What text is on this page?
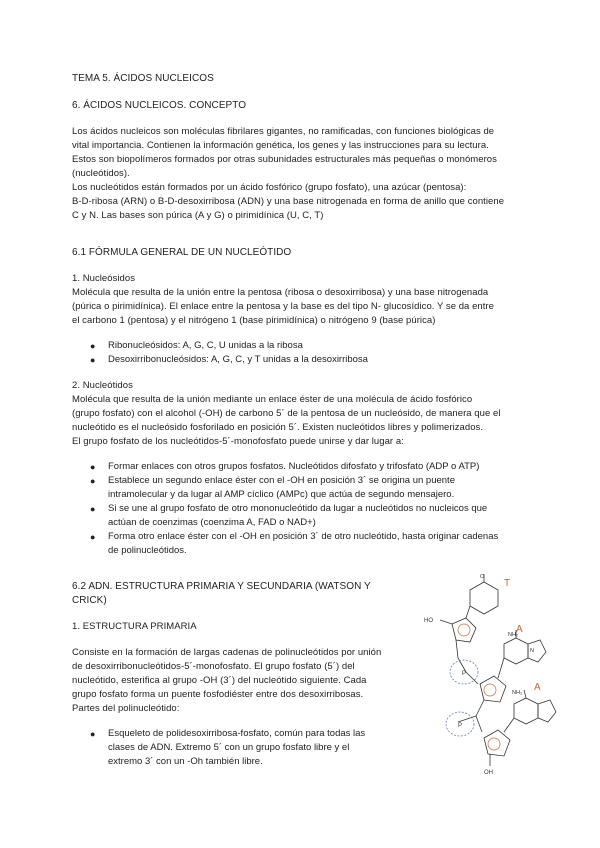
TEMA 5. ÁCIDOS NUCLEICOS
6. ÁCIDOS NUCLEICOS. CONCEPTO
Los ácidos nucleicos son moléculas fibrilares gigantes, no ramificadas, con funciones biológicas de
vital importancia. Contienen la información genética, los genes y las instrucciones para su lectura.
Estos son biopolímeros formados por otras subunidades estructurales más pequeñas o monómeros
(nucleótidos).
Los nucleótidos están formados por un ácido fosfórico (grupo fosfato), una azúcar (pentosa):
B-D-ribosa (ARN) o B-D-desoxirribosa (ADN) y una base nitrogenada en forma de anillo que contiene
C y N. Las bases son púrica (A y G) o pirimidínica (U, C, T)
6.1 FÓRMULA GENERAL DE UN NUCLEÓTIDO
1. Nucleósidos
Molécula que resulta de la unión entre la pentosa (ribosa o desoxirribosa) y una base nitrogenada
(púrica o pirimidínica). El enlace entre la pentosa y la base es del tipo N- glucosídico. Y se da entre
el carbono 1 (pentosa) y el nitrógeno 1 (base pirimidínica) o nitrógeno 9 (base púrica)
● Ribonucleósidos: A, G, C, U unidas a la ribosa
● Desoxirribonucleósidos: A, G, C, y T unidas a la desoxirribosa
2. Nucleótidos
Molécula que resulta de la unión mediante un enlace éster de una molécula de ácido fosfórico
(grupo fosfato) con el alcohol (-OH) de carbono 5´ de la pentosa de un nucleósido, de manera que el
nucleótido es el nucleósido fosforilado en posición 5´. Existen nucleótidos libres y polimerizados.
El grupo fosfato de los nucleótidos-5´-monofosfato puede unirse y dar lugar a:
● Formar enlaces con otros grupos fosfatos. Nucleótidos difosfato y trifosfato (ADP o ATP)
● Establece un segundo enlace éster con el -OH en posición 3´ se origina un puente
intramolecular y da lugar al AMP cíclico (AMPc) que actúa de segundo mensajero.
● Si se une al grupo fosfato de otro mononucleótido da lugar a nucleótidos no nucleicos que
actúan de coenzimas (coenzima A, FAD o NAD+)
● Forma otro enlace éster con el -OH en posición 3´ de otro nucleótido, hasta originar cadenas
de polinucleótidos.
6.2 ADN. ESTRUCTURA PRIMARIA Y SECUNDARIA (WATSON Y
CRICK)
1. ESTRUCTURA PRIMARIA
Consiste en la formación de largas cadenas de polinucleótidos por unión
de desoxirribonucleótidos-5´-monofosfato. El grupo fosfato (5´) del
nucleótido, esterifica al grupo -OH (3´) del nucleótido siguiente. Cada
grupo fosfato forma un puente fosfodiéster entre dos desoxirribosas.
Partes del polinucleótido:
● Esqueleto de polidesoxirribosa-fosfato, común para todas las
clases de ADN. Extremo 5´ con un grupo fosfato libre y el
extremo 3´ con un -Oh también libre.
T
A
A
HO
OH
P
P
NH₂
NH₂
O
N
